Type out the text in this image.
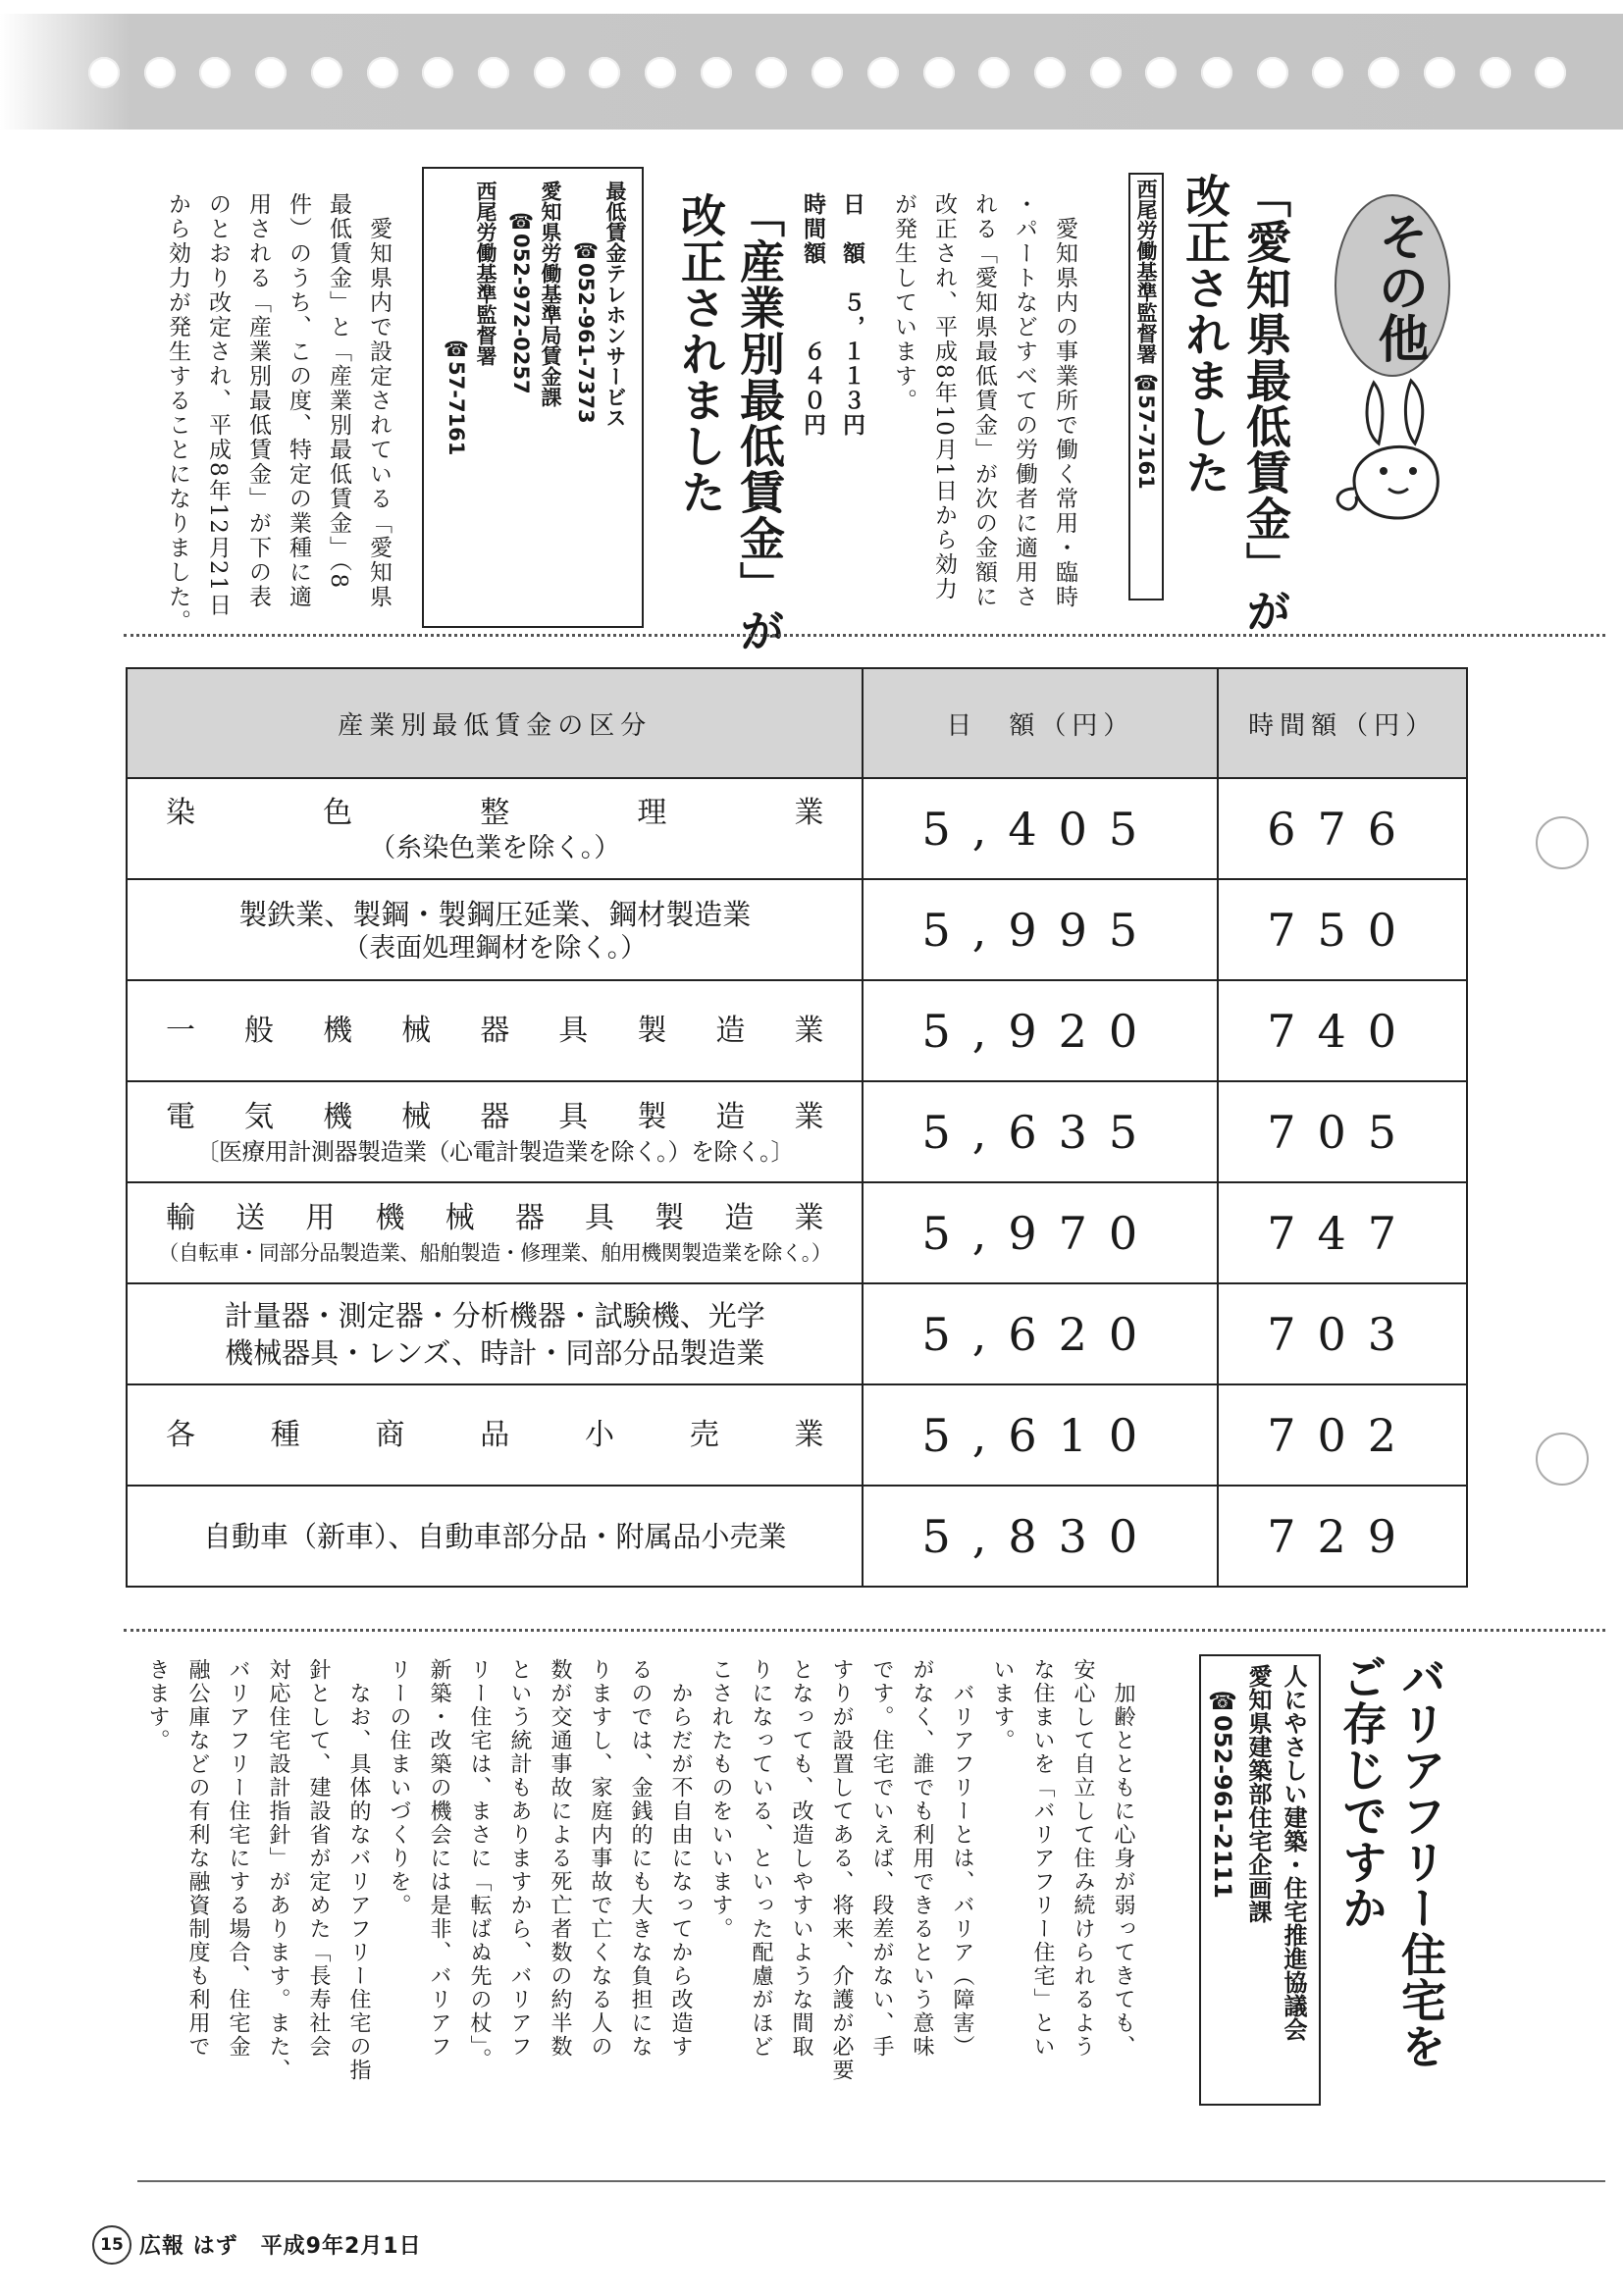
その他
「愛知県最低賃金」が
改正されました
西尾労働基準監督署 ☎57-7161
　愛知県内の事業所で働く常用・臨時
・パートなどすべての労働者に適用さ
れる「愛知県最低賃金」が次の金額に
改正され、平成8年10月1日から効力
が発生しています。
日　額　５，１１３円
時間額　　　６４０円
「産業別最低賃金」が
改正されました
最低賃金テレホンサービス
☎052-961-7373
愛知県労働基準局賃金課
☎052-972-0257
西尾労働基準監督署
☎57-7161
　愛知県内で設定されている「愛知県
最低賃金」と「産業別最低賃金」（8
件）のうち、この度、特定の業種に適
用される「産業別最低賃金」が下の表
のとおり改定され、平成8年12月21日
から効力が発生することになりました。
産業別最低賃金の区分	日　額（円）	時間額（円）

染色整理業
（糸染色業を除く。）	5,405	676

製鉄業、製鋼・製鋼圧延業、鋼材製造業
（表面処理鋼材を除く。）	5,995	750

一般機械器具製造業	5,920	740

電気機械器具製造業
〔医療用計測器製造業（心電計製造業を除く。）を除く。〕	5,635	705

輸送用機械器具製造業
（自転車・同部分品製造業、船舶製造・修理業、舶用機関製造業を除く。）	5,970	747

計量器・測定器・分析機器・試験機、光学
機械器具・レンズ、時計・同部分品製造業	5,620	703

各種商品小売業	5,610	702

自動車（新車）、自動車部分品・附属品小売業	5,830	729
バリアフリー住宅を
ご存じですか
人にやさしい建築・住宅推進協議会
愛知県建築部住宅企画課
　☎052-961-2111
　加齢とともに心身が弱ってきても、
安心して自立して住み続けられるよう
な住まいを「バリアフリー住宅」とい
います。
　バリアフリーとは、バリア（障害）
がなく、誰でも利用できるという意味
です。住宅でいえば、段差がない、手
すりが設置してある、将来、介護が必要
となっても、改造しやすいような間取
りになっている、といった配慮がほど
こされたものをいいます。
　からだが不自由になってから改造す
るのでは、金銭的にも大きな負担にな
りますし、家庭内事故で亡くなる人の
数が交通事故による死亡者数の約半数
という統計もありますから、バリアフ
リー住宅は、まさに「転ばぬ先の杖」。
新築・改築の機会には是非、バリアフ
リーの住まいづくりを。
　なお、具体的なバリアフリー住宅の指
針として、建設省が定めた「長寿社会
対応住宅設計指針」があります。また、
バリアフリー住宅にする場合、住宅金
融公庫などの有利な融資制度も利用で
きます。
15 広報 はず　平成9年2月1日
